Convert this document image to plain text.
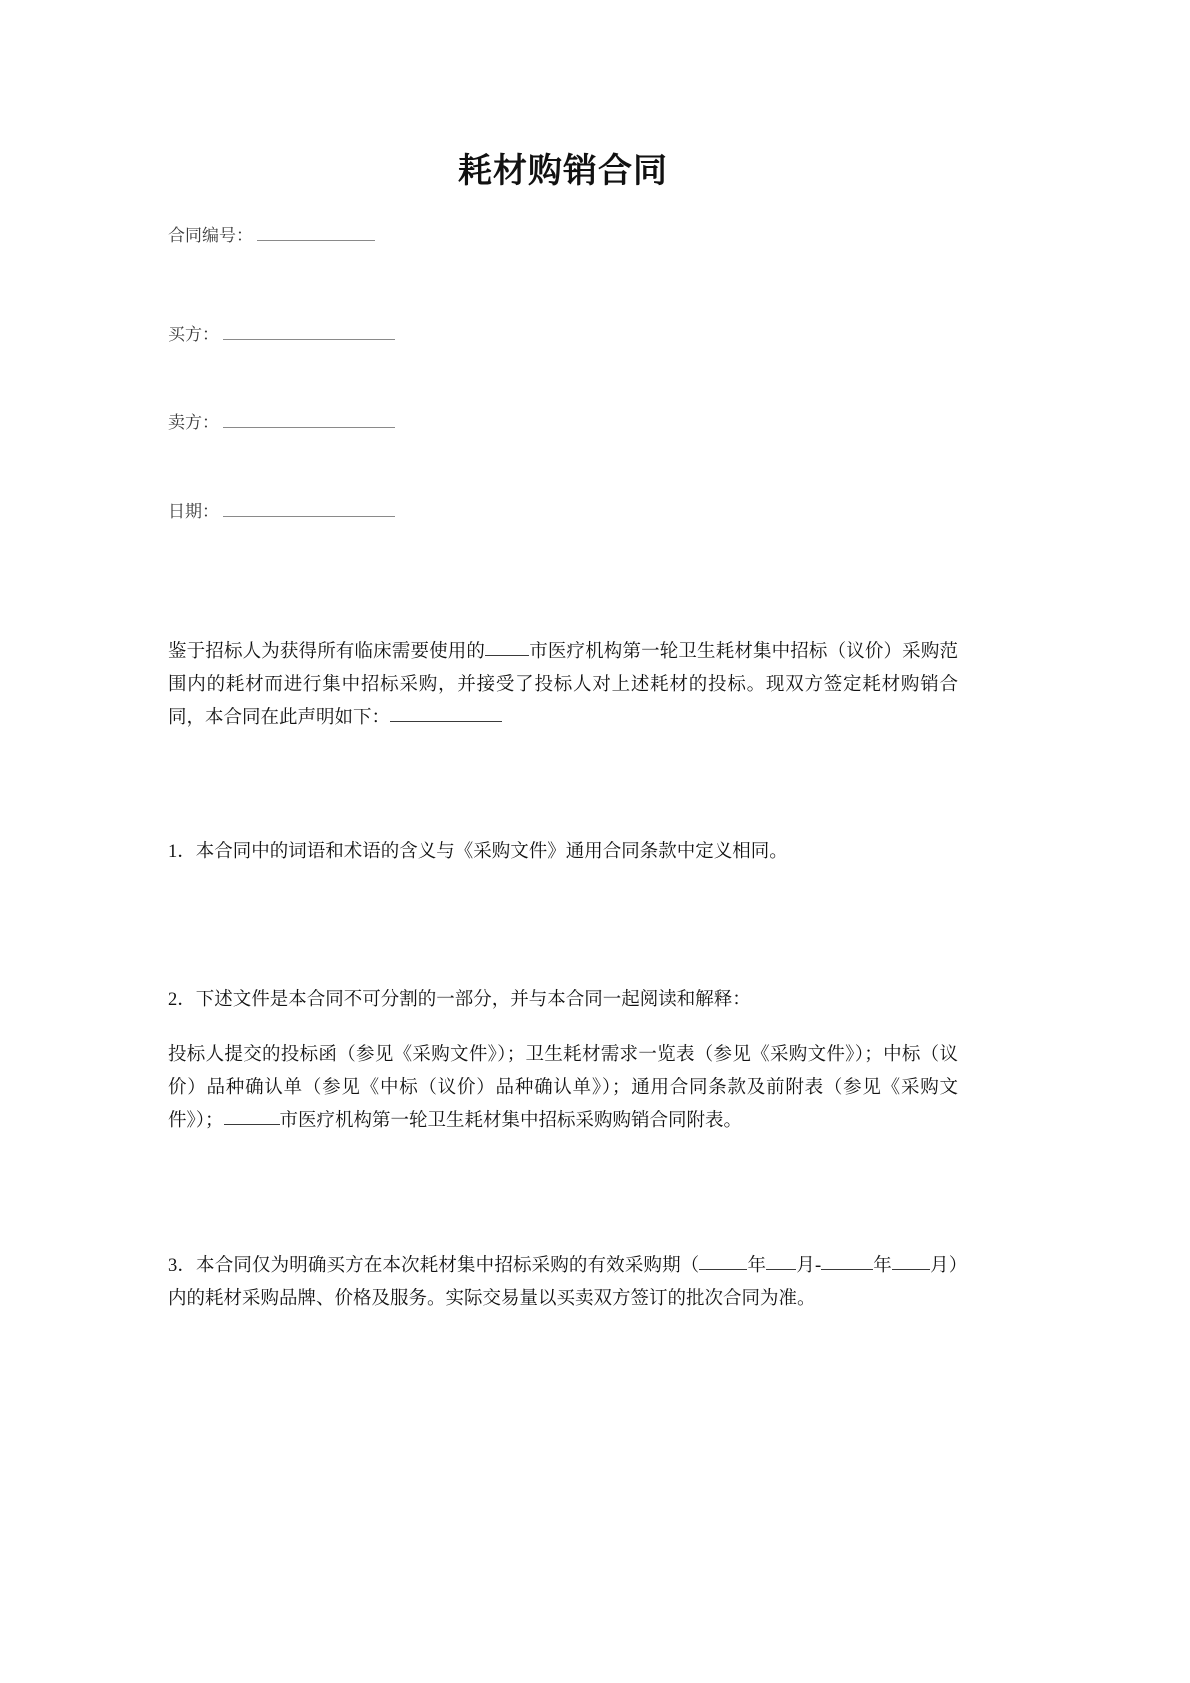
耗材购销合同
合同编号：
买方：
卖方：
日期：

鉴于招标人为获得所有临床需要使用的 市医疗机构第一轮卫生耗材集中招标（议价）采购范围内的耗材而进行集中招标采购，并接受了投标人对上述耗材的投标。现双方签定耗材购销合同，本合同在此声明如下：

1．本合同中的词语和术语的含义与《采购文件》通用合同条款中定义相同。

2．下述文件是本合同不可分割的一部分，并与本合同一起阅读和解释：

投标人提交的投标函（参见《采购文件》）；卫生耗材需求一览表（参见《采购文件》）；中标（议价）品种确认单（参见《中标（议价）品种确认单》）；通用合同条款及前附表（参见《采购文件》）；	市医疗机构第一轮卫生耗材集中招标采购购销合同附表。

3．本合同仅为明确买方在本次耗材集中招标采购的有效采购期（	年 月-	年 月）内的耗材采购品牌、价格及服务。实际交易量以买卖双方签订的批次合同为准。
